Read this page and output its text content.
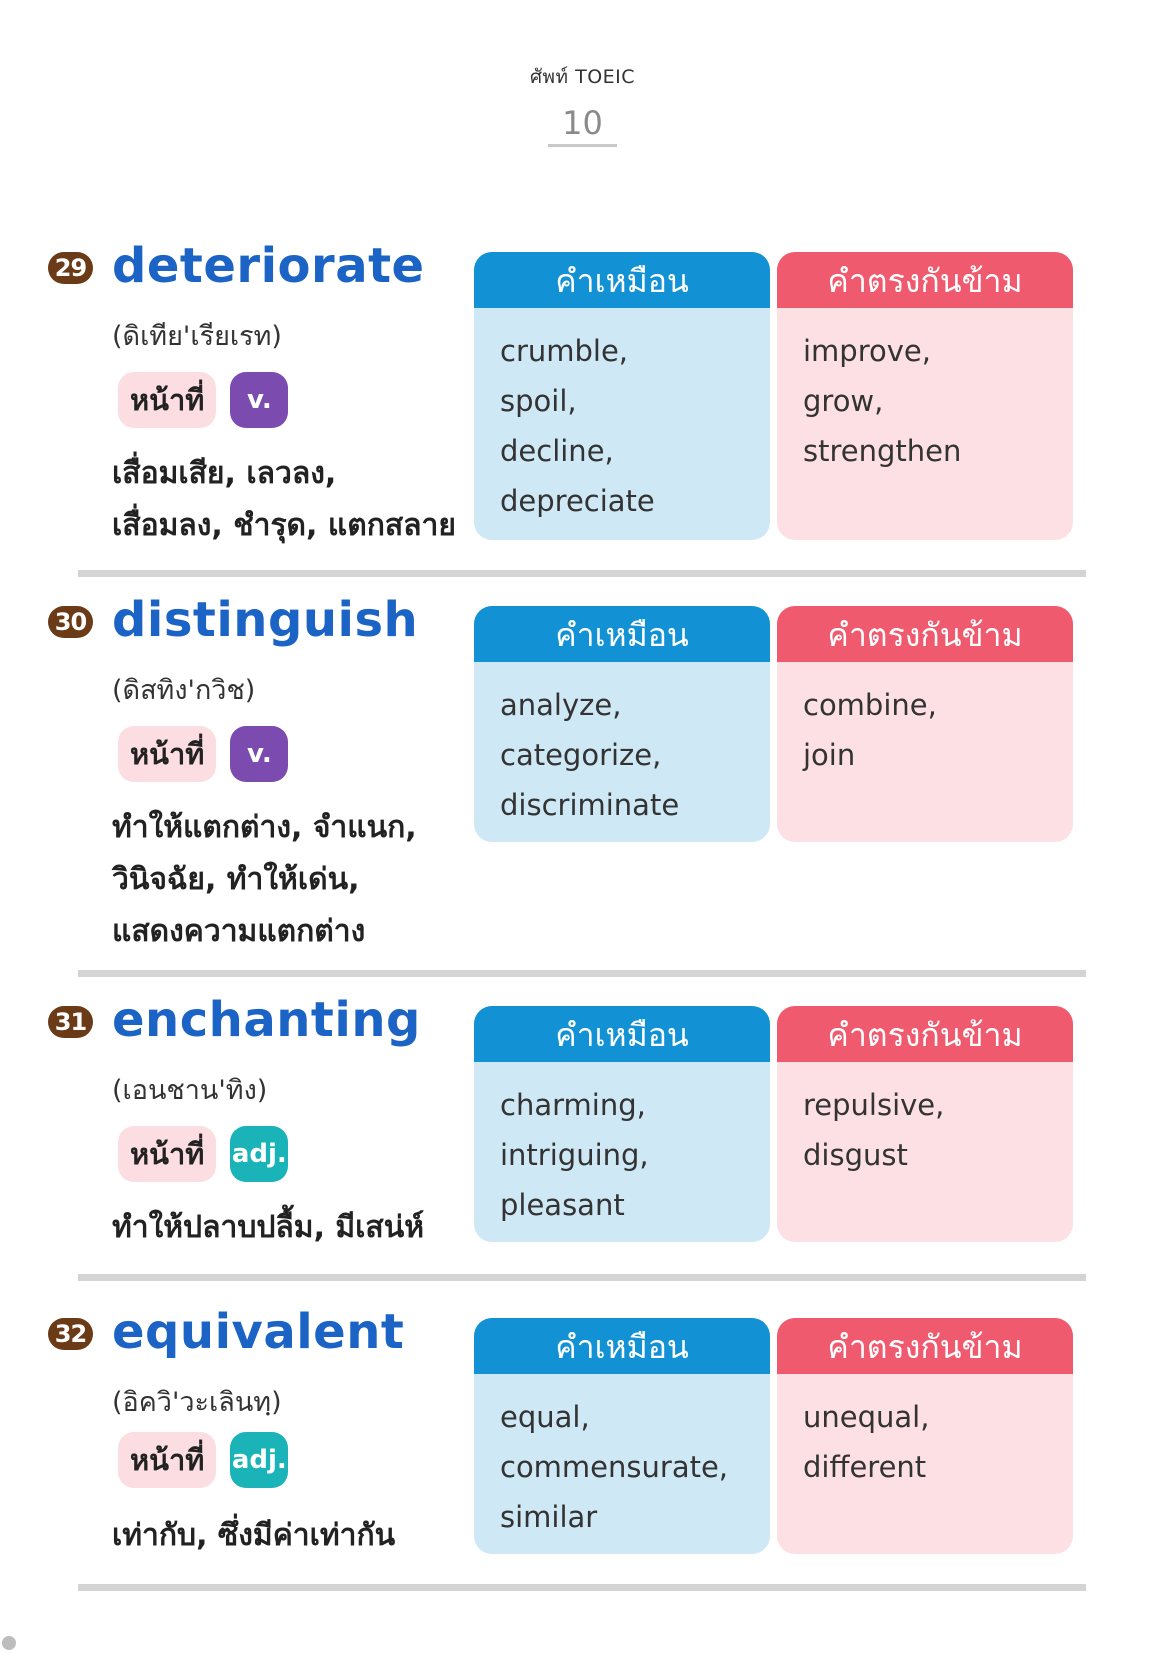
ศัพท์ TOEIC
10
29 deteriorate
(ดิเทีย'เรียเรท)
หน้าที่	v.
เสื่อมเสีย, เลวลง,
เสื่อมลง, ชำรุด, แตกสลาย
คำเหมือน
crumble,
spoil,
decline,
depreciate
คำตรงกันข้าม
improve,
grow,
strengthen
30 distinguish
(ดิสทิง'กวิช)
หน้าที่	v.
ทำให้แตกต่าง, จำแนก,
วินิจฉัย, ทำให้เด่น,
แสดงความแตกต่าง
คำเหมือน
analyze,
categorize,
discriminate
คำตรงกันข้าม
combine,
join
31 enchanting
(เอนชาน'ทิง)
หน้าที่	adj.
ทำให้ปลาบปลื้ม, มีเสน่ห์
คำเหมือน
charming,
intriguing,
pleasant
คำตรงกันข้าม
repulsive,
disgust
32 equivalent
(อิควิ'วะเลินทฺ)
หน้าที่	adj.
เท่ากับ, ซึ่งมีค่าเท่ากัน
คำเหมือน
equal,
commensurate,
similar
คำตรงกันข้าม
unequal,
different
